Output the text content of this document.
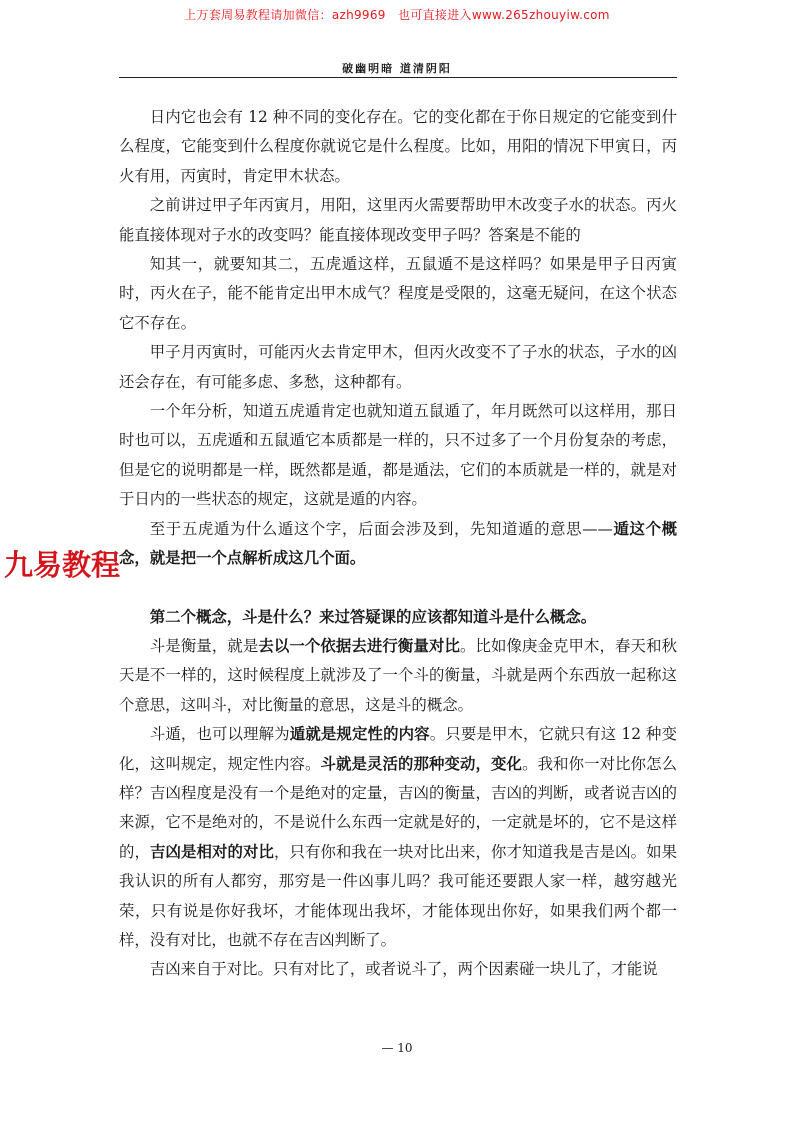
上万套周易教程请加微信：azh9969　也可直接进入www.265zhouyiw.com
破幽明暗 道清阴阳

日内它也会有 12 种不同的变化存在。它的变化都在于你日规定的它能变到什么程度，它能变到什么程度你就说它是什么程度。比如，用阳的情况下甲寅日，丙火有用，丙寅时，肯定甲木状态。

之前讲过甲子年丙寅月，用阳，这里丙火需要帮助甲木改变子水的状态。丙火能直接体现对子水的改变吗？能直接体现改变甲子吗？答案是不能的

知其一，就要知其二，五虎遁这样，五鼠遁不是这样吗？如果是甲子日丙寅时，丙火在子，能不能肯定出甲木成气？程度是受限的，这毫无疑问，在这个状态它不存在。

甲子月丙寅时，可能丙火去肯定甲木，但丙火改变不了子水的状态，子水的凶还会存在，有可能多虑、多愁，这种都有。

一个年分析，知道五虎遁肯定也就知道五鼠遁了，年月既然可以这样用，那日时也可以，五虎遁和五鼠遁它本质都是一样的，只不过多了一个月份复杂的考虑，但是它的说明都是一样，既然都是遁，都是遁法，它们的本质就是一样的，就是对于日内的一些状态的规定，这就是遁的内容。

至于五虎遁为什么遁这个字，后面会涉及到，先知道遁的意思——遁这个概念，就是把一个点解析成这几个面。

第二个概念，斗是什么？来过答疑课的应该都知道斗是什么概念。

斗是衡量，就是去以一个依据去进行衡量对比。比如像庚金克甲木，春天和秋天是不一样的，这时候程度上就涉及了一个斗的衡量，斗就是两个东西放一起称这个意思，这叫斗，对比衡量的意思，这是斗的概念。

斗遁，也可以理解为遁就是规定性的内容。只要是甲木，它就只有这 12 种变化，这叫规定，规定性内容。斗就是灵活的那种变动，变化。我和你一对比你怎么样？吉凶程度是没有一个是绝对的定量，吉凶的衡量，吉凶的判断，或者说吉凶的来源，它不是绝对的，不是说什么东西一定就是好的，一定就是坏的，它不是这样的，吉凶是相对的对比，只有你和我在一块对比出来，你才知道我是吉是凶。如果我认识的所有人都穷，那穷是一件凶事儿吗？我可能还要跟人家一样，越穷越光荣，只有说是你好我坏，才能体现出我坏，才能体现出你好，如果我们两个都一样，没有对比，也就不存在吉凶判断了。

吉凶来自于对比。只有对比了，或者说斗了，两个因素碰一块儿了，才能说

九易教程
— 10
